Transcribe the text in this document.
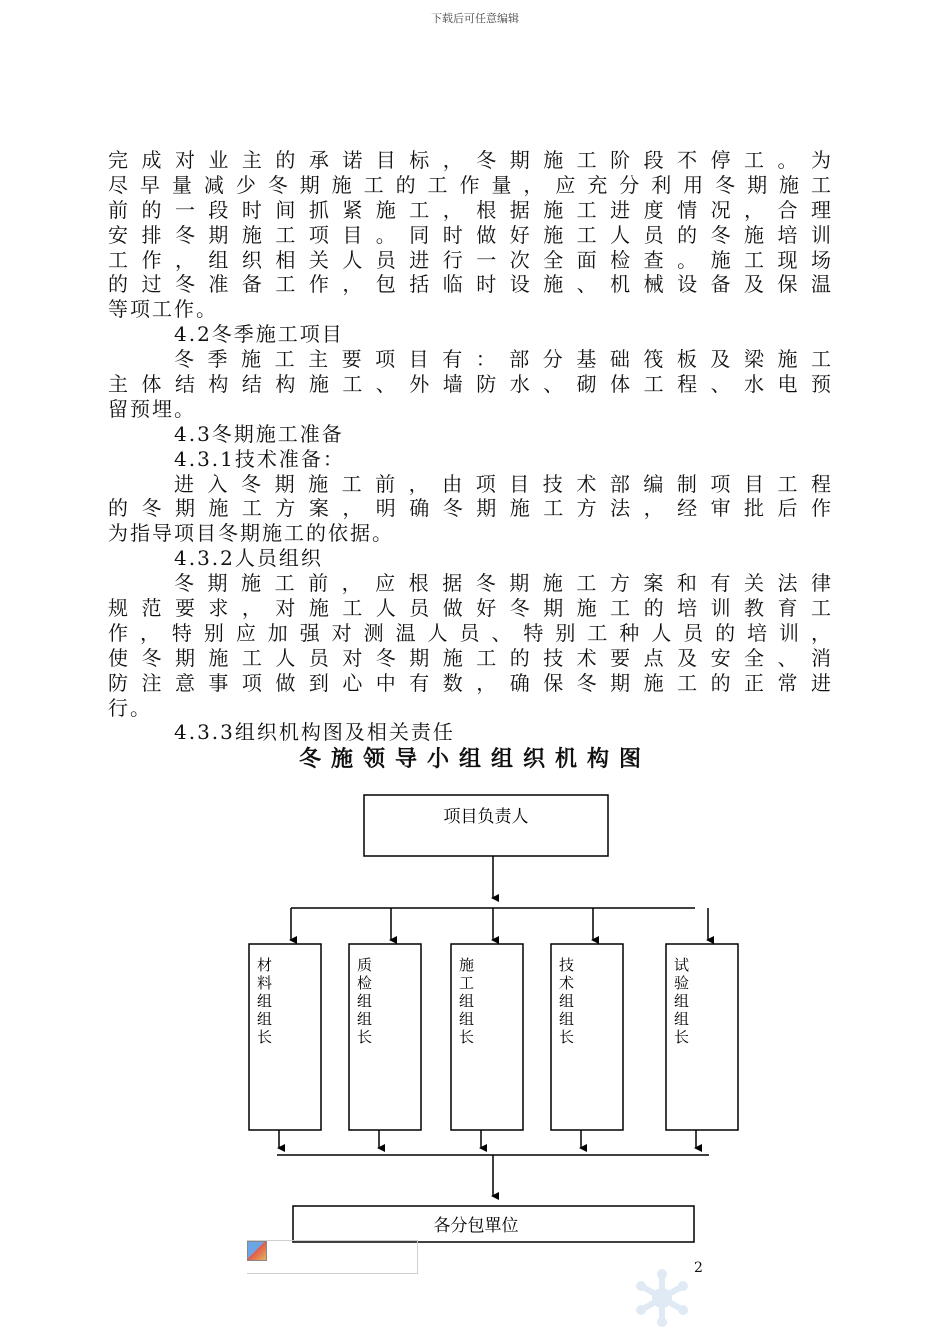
下载后可任意编辑
完成对业主的承诺目标，冬期施工阶段不停工。为
尽早量减少冬期施工的工作量，应充分利用冬期施工
前的一段时间抓紧施工，根据施工进度情况，合理
安排冬期施工项目。同时做好施工人员的冬施培训
工作，组织相关人员进行一次全面检查。施工现场
的过冬准备工作，包括临时设施、机械设备及保温
等项工作。
4.2冬季施工项目
冬季施工主要项目有：部分基础筏板及梁施工
主体结构结构施工、外墙防水、砌体工程、水电预
留预埋。
4.3冬期施工准备
4.3.1技术准备：
进入冬期施工前，由项目技术部编制项目工程
的冬期施工方案，明确冬期施工方法，经审批后作
为指导项目冬期施工的依据。
4.3.2人员组织
冬期施工前，应根据冬期施工方案和有关法律
规范要求，对施工人员做好冬期施工的培训教育工
作，特别应加强对测温人员、特别工种人员的培训，
使冬期施工人员对冬期施工的技术要点及安全、消
防注意事项做到心中有数，确保冬期施工的正常进
行。
4.3.3组织机构图及相关责任
冬施领导小组组织机构图
项目负责人
材
料
组
组
长
质
检
组
组
长
施
工
组
组
长
技
术
组
组
长
试
验
组
组
长
各分包單位
2
